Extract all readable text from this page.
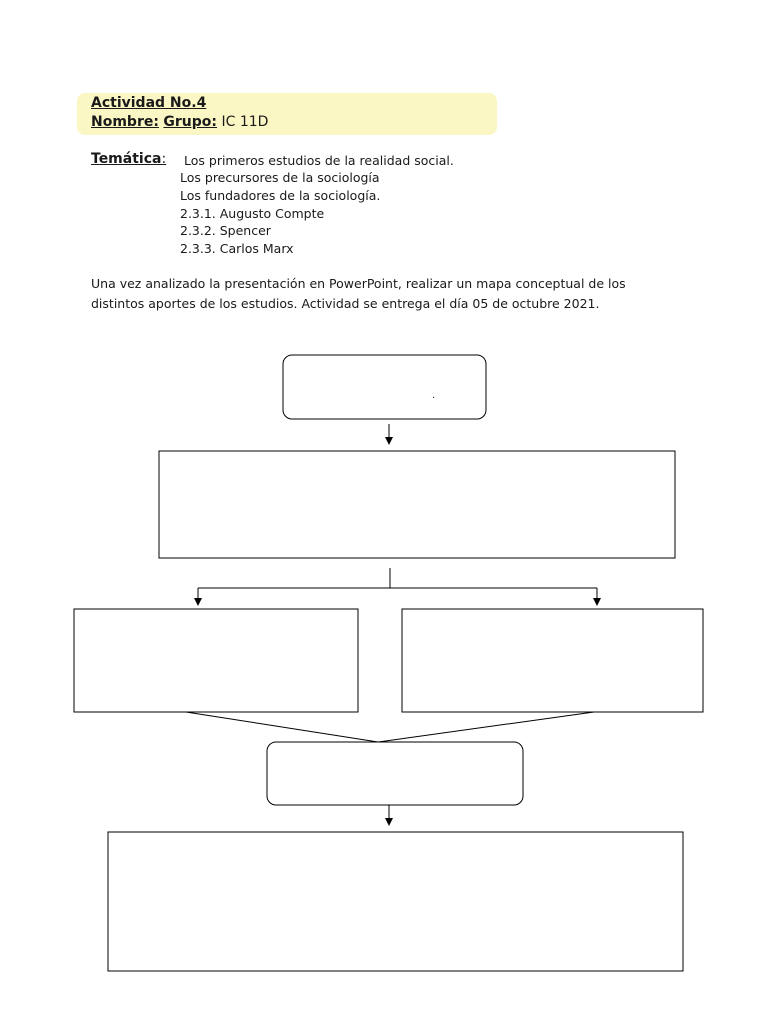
Actividad No.4
Nombre: Grupo: IC 11D
Temática: Los primeros estudios de la realidad social.
Los precursores de la sociología
Los fundadores de la sociología.
2.3.1. Augusto Compte
2.3.2. Spencer
2.3.3. Carlos Marx
Una vez analizado la presentación en PowerPoint, realizar un mapa conceptual de los
distintos aportes de los estudios. Actividad se entrega el día 05 de octubre 2021.
.
